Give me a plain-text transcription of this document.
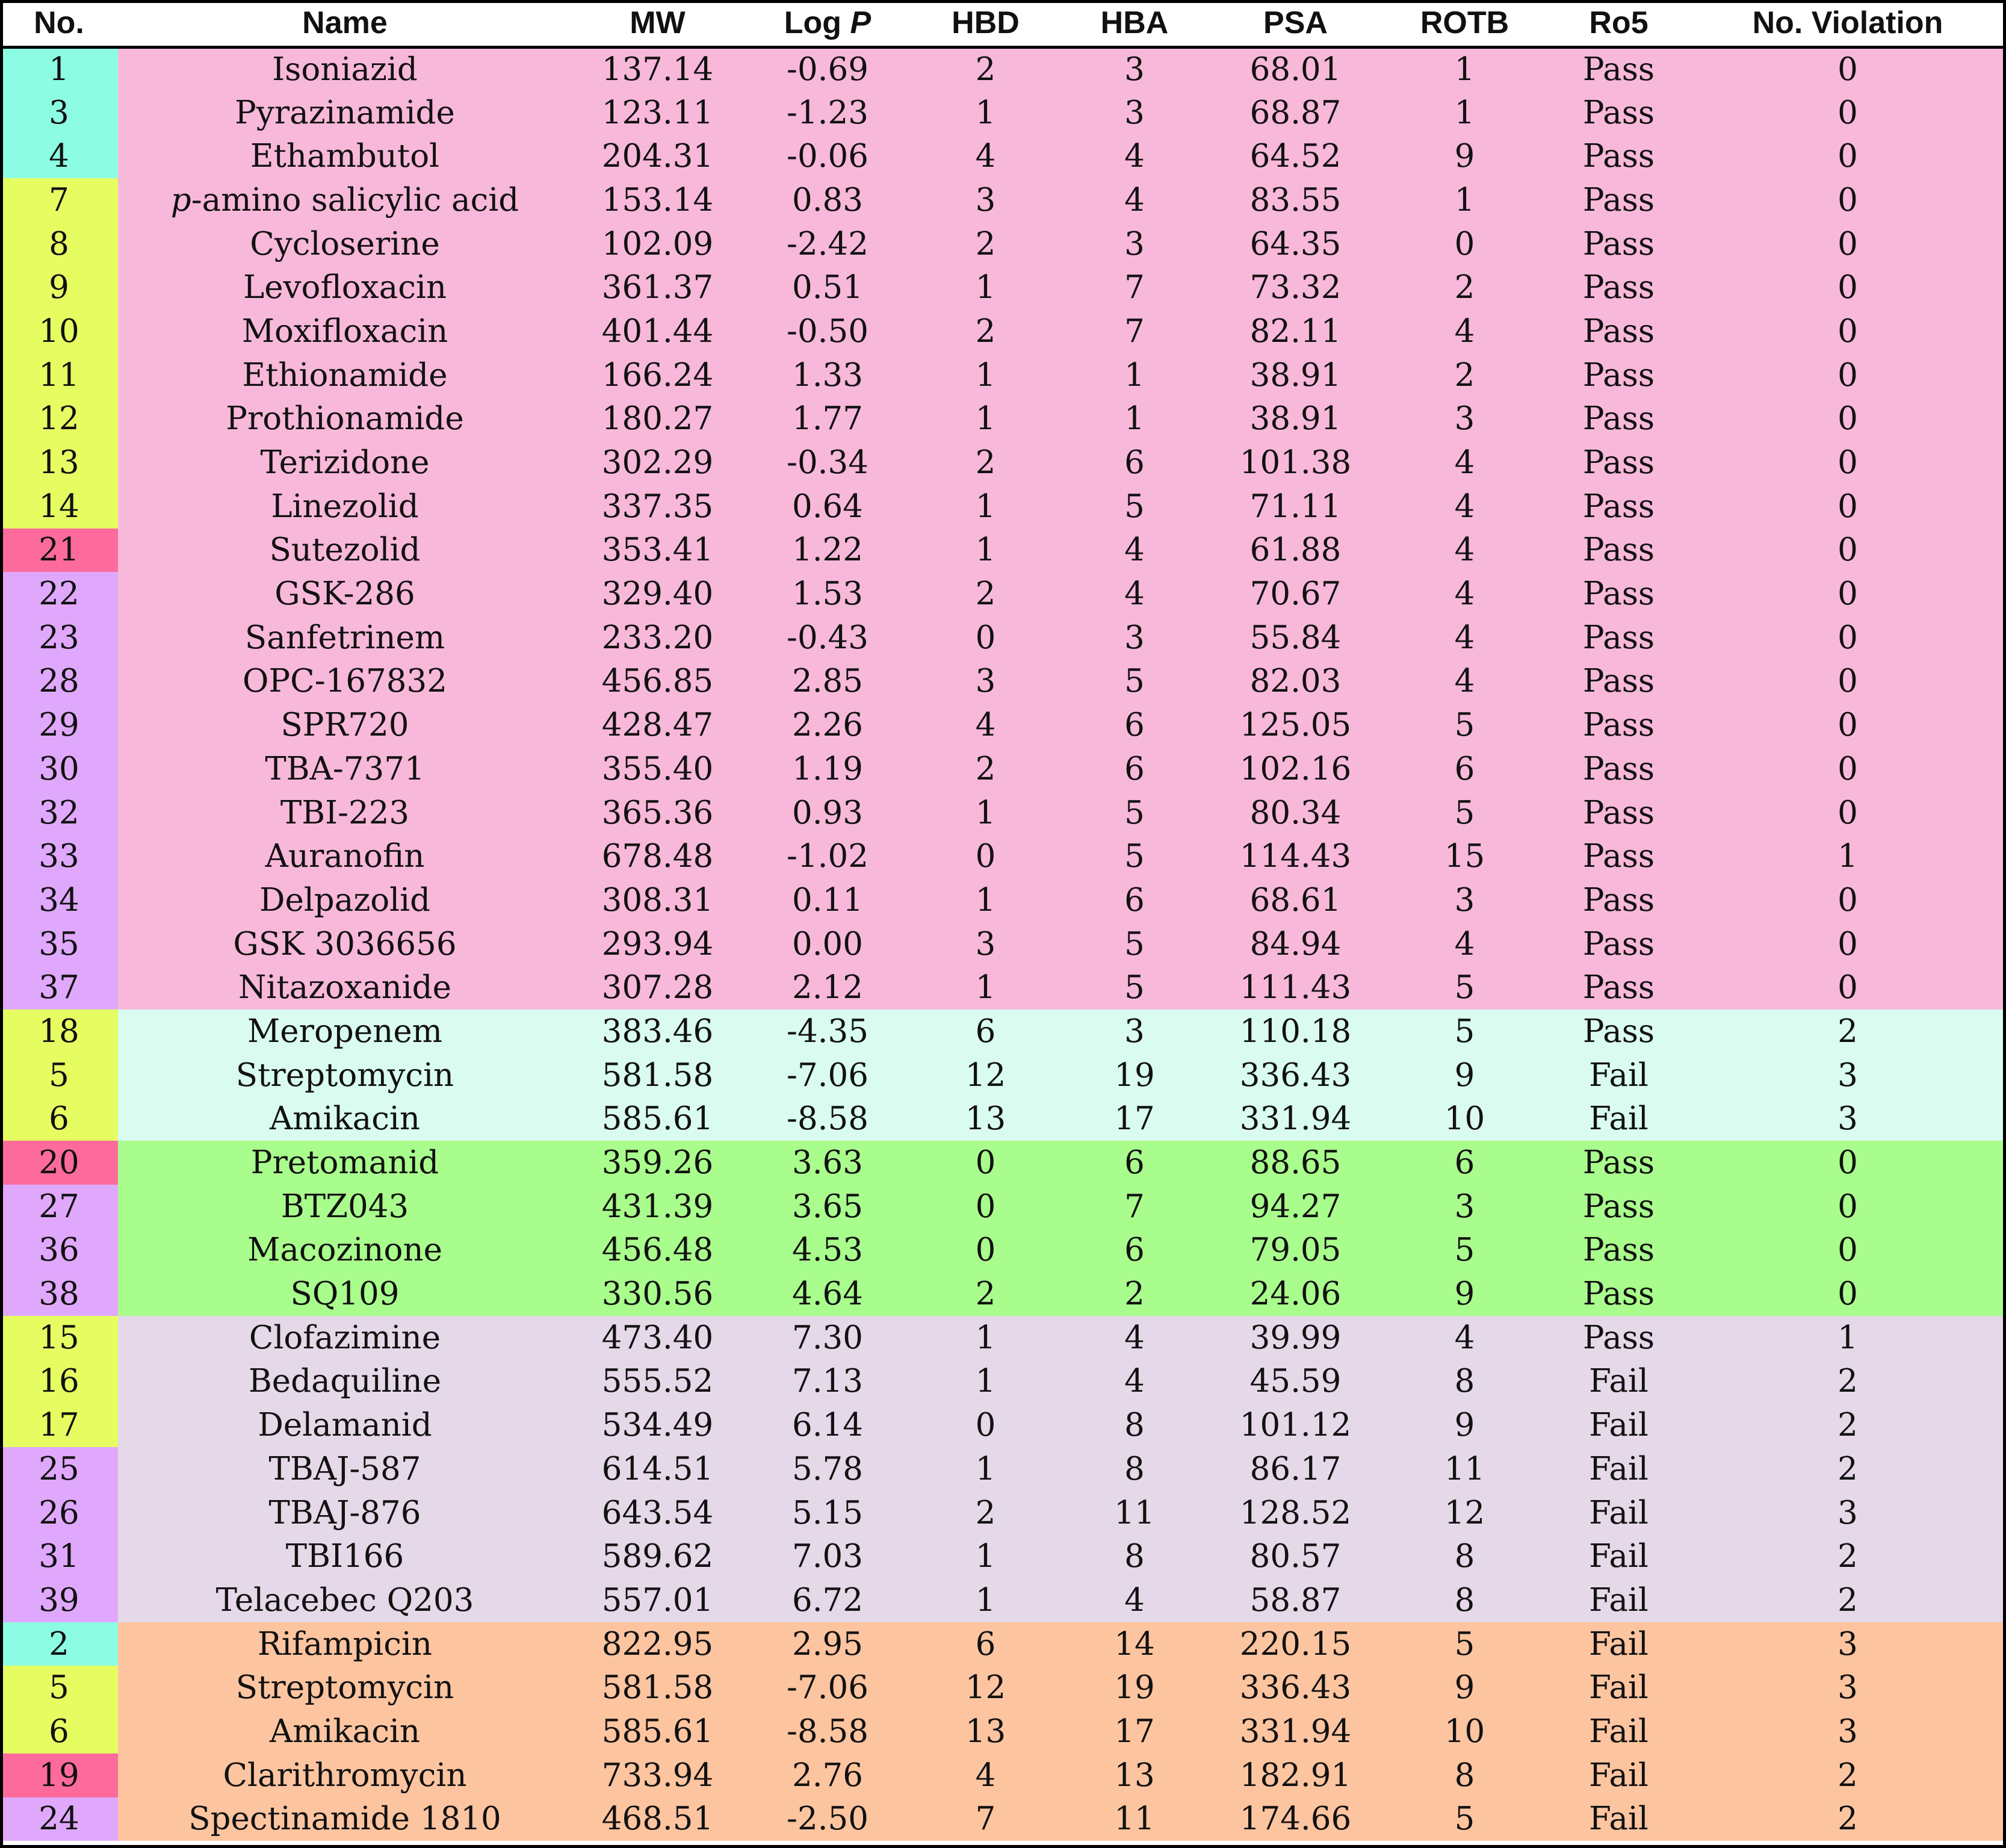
No.	Name	MW	Log P	HBD	HBA	PSA	ROTB	Ro5	No. Violation
1	Isoniazid	137.14	-0.69	2	3	68.01	1	Pass	0
3	Pyrazinamide	123.11	-1.23	1	3	68.87	1	Pass	0
4	Ethambutol	204.31	-0.06	4	4	64.52	9	Pass	0
7	p-amino salicylic acid	153.14	0.83	3	4	83.55	1	Pass	0
8	Cycloserine	102.09	-2.42	2	3	64.35	0	Pass	0
9	Levofloxacin	361.37	0.51	1	7	73.32	2	Pass	0
10	Moxifloxacin	401.44	-0.50	2	7	82.11	4	Pass	0
11	Ethionamide	166.24	1.33	1	1	38.91	2	Pass	0
12	Prothionamide	180.27	1.77	1	1	38.91	3	Pass	0
13	Terizidone	302.29	-0.34	2	6	101.38	4	Pass	0
14	Linezolid	337.35	0.64	1	5	71.11	4	Pass	0
21	Sutezolid	353.41	1.22	1	4	61.88	4	Pass	0
22	GSK-286	329.40	1.53	2	4	70.67	4	Pass	0
23	Sanfetrinem	233.20	-0.43	0	3	55.84	4	Pass	0
28	OPC-167832	456.85	2.85	3	5	82.03	4	Pass	0
29	SPR720	428.47	2.26	4	6	125.05	5	Pass	0
30	TBA-7371	355.40	1.19	2	6	102.16	6	Pass	0
32	TBI-223	365.36	0.93	1	5	80.34	5	Pass	0
33	Auranofin	678.48	-1.02	0	5	114.43	15	Pass	1
34	Delpazolid	308.31	0.11	1	6	68.61	3	Pass	0
35	GSK 3036656	293.94	0.00	3	5	84.94	4	Pass	0
37	Nitazoxanide	307.28	2.12	1	5	111.43	5	Pass	0
18	Meropenem	383.46	-4.35	6	3	110.18	5	Pass	2
5	Streptomycin	581.58	-7.06	12	19	336.43	9	Fail	3
6	Amikacin	585.61	-8.58	13	17	331.94	10	Fail	3
20	Pretomanid	359.26	3.63	0	6	88.65	6	Pass	0
27	BTZ043	431.39	3.65	0	7	94.27	3	Pass	0
36	Macozinone	456.48	4.53	0	6	79.05	5	Pass	0
38	SQ109	330.56	4.64	2	2	24.06	9	Pass	0
15	Clofazimine	473.40	7.30	1	4	39.99	4	Pass	1
16	Bedaquiline	555.52	7.13	1	4	45.59	8	Fail	2
17	Delamanid	534.49	6.14	0	8	101.12	9	Fail	2
25	TBAJ-587	614.51	5.78	1	8	86.17	11	Fail	2
26	TBAJ-876	643.54	5.15	2	11	128.52	12	Fail	3
31	TBI166	589.62	7.03	1	8	80.57	8	Fail	2
39	Telacebec Q203	557.01	6.72	1	4	58.87	8	Fail	2
2	Rifampicin	822.95	2.95	6	14	220.15	5	Fail	3
5	Streptomycin	581.58	-7.06	12	19	336.43	9	Fail	3
6	Amikacin	585.61	-8.58	13	17	331.94	10	Fail	3
19	Clarithromycin	733.94	2.76	4	13	182.91	8	Fail	2
24	Spectinamide 1810	468.51	-2.50	7	11	174.66	5	Fail	2
